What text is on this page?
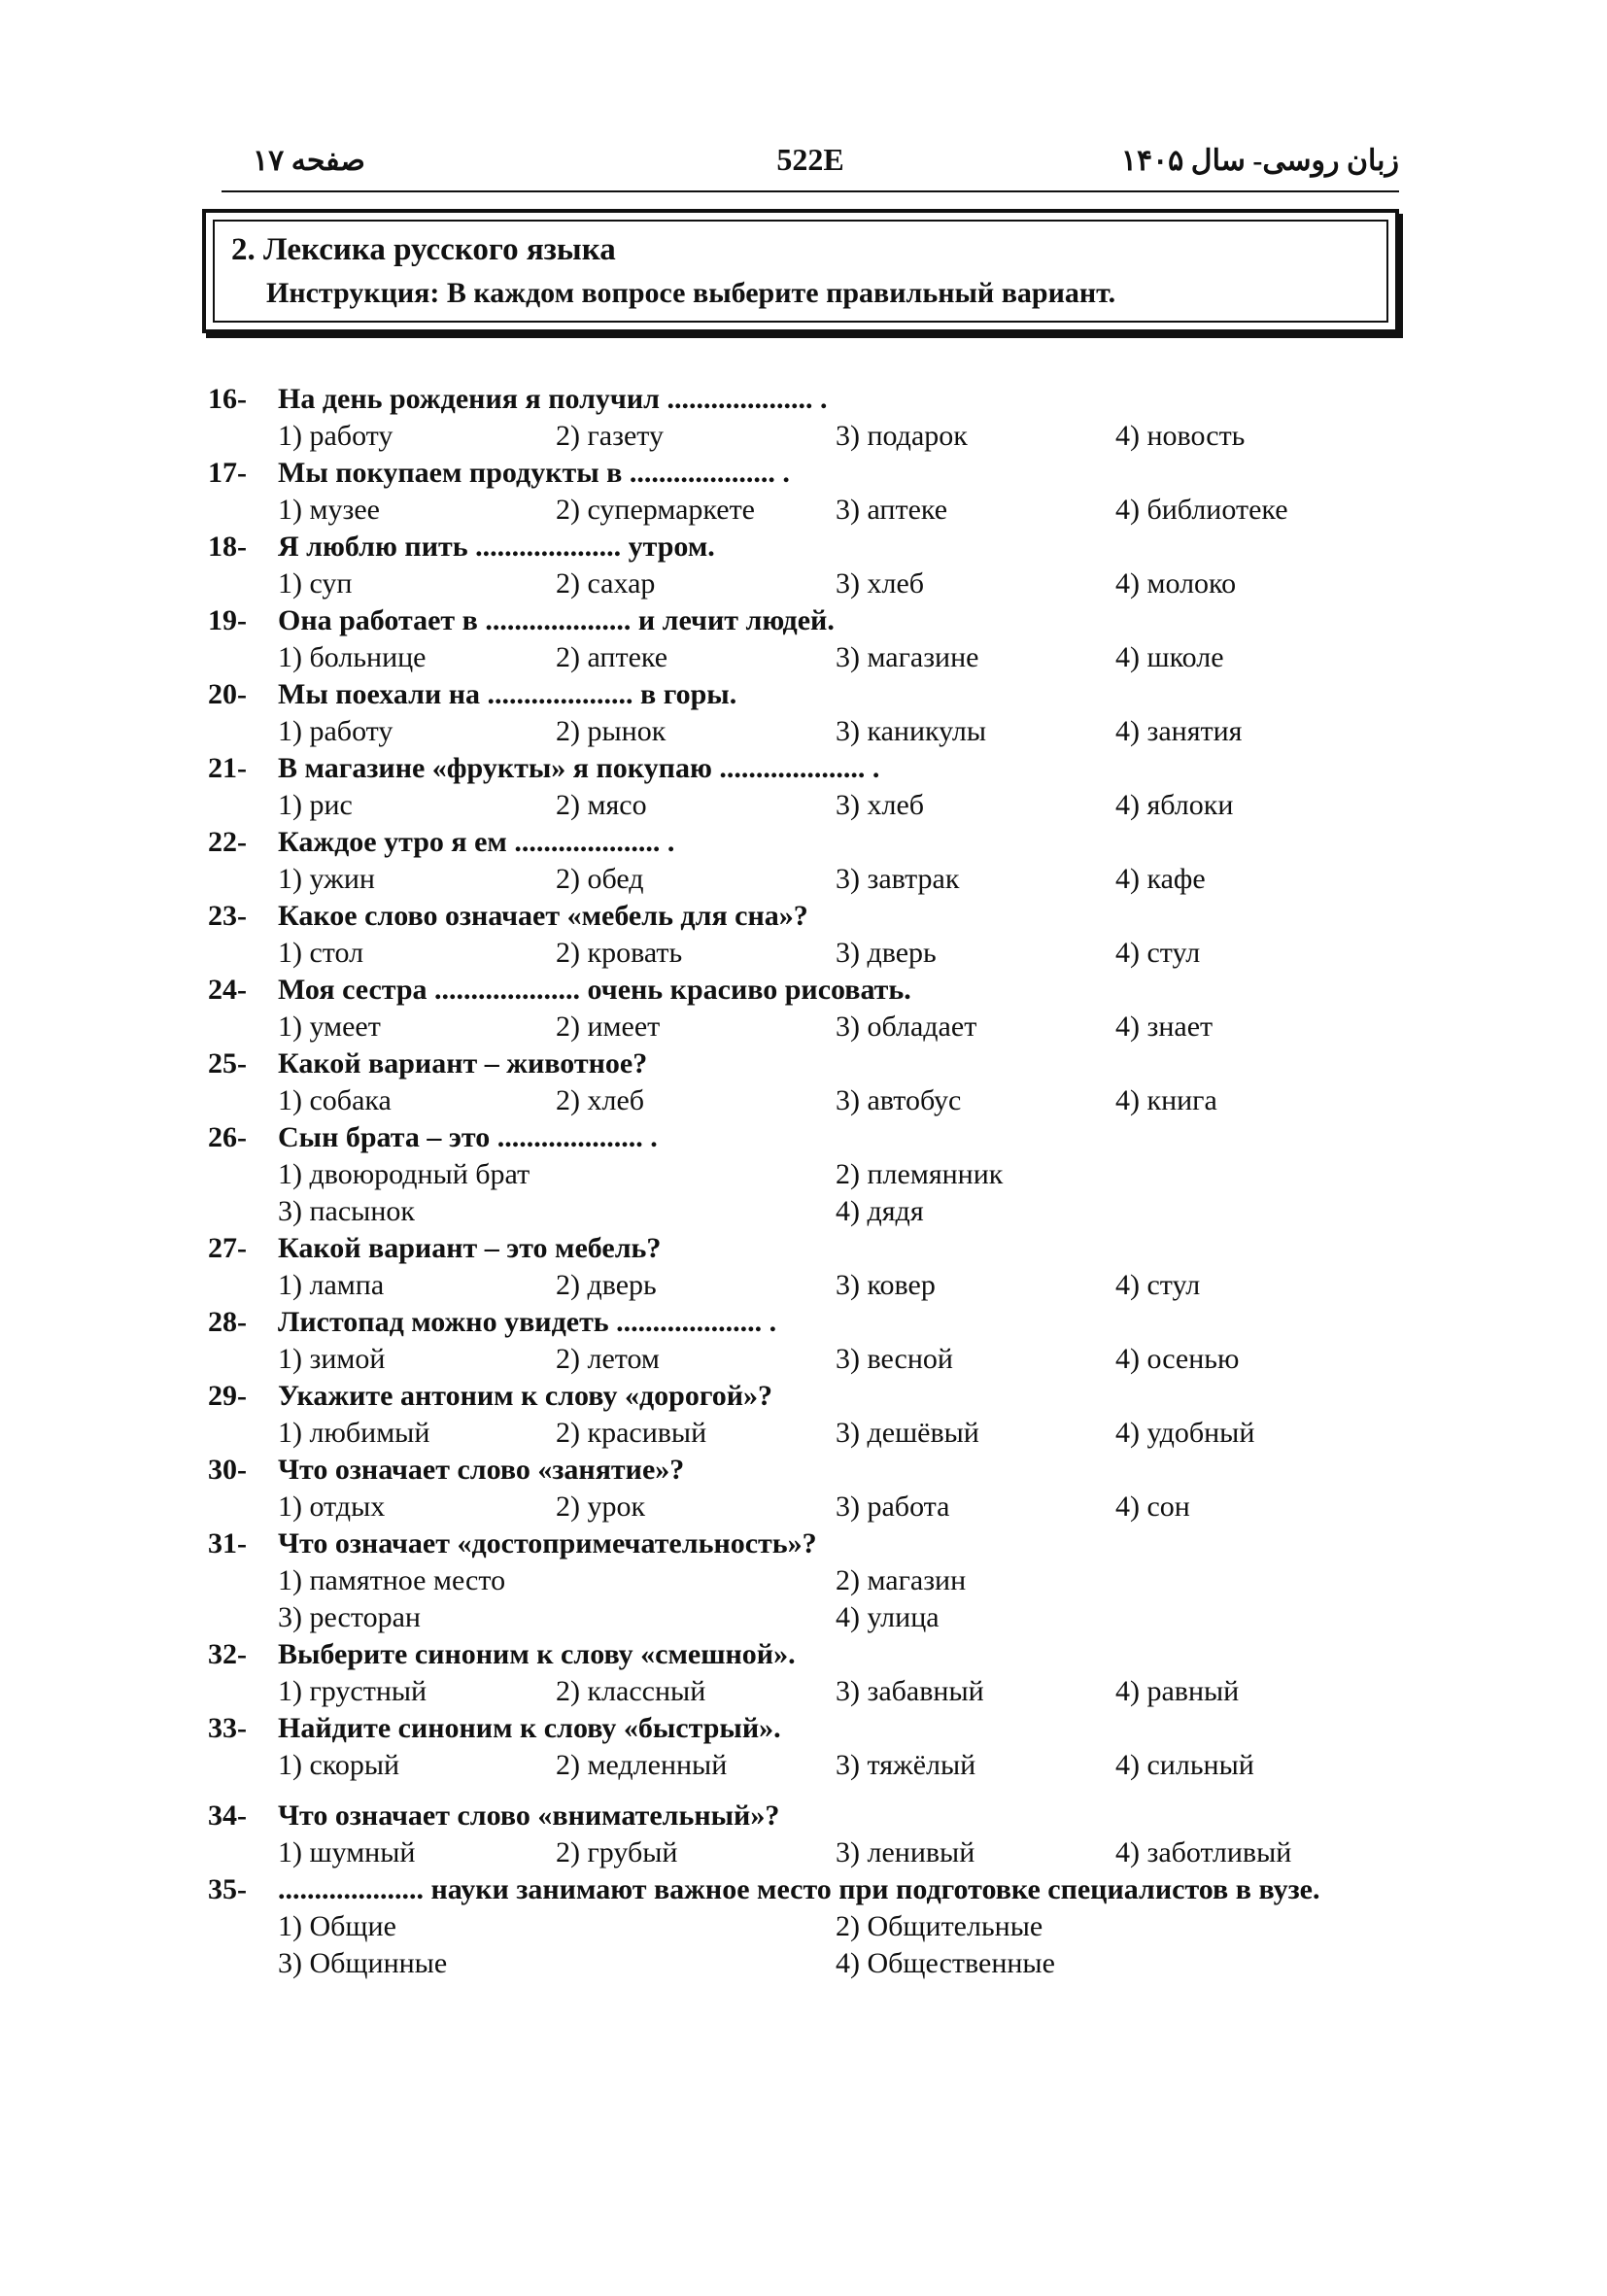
صفحه ۱۷	522E	زبان روسی- سال ۱۴۰۵
2. Лексика русского языка
Инструкция: В каждом вопросе выберите правильный вариант.
16- На день рождения я получил .................... .
1) работу	2) газету	3) подарок	4) новость
17- Мы покупаем продукты в .................... .
1) музее	2) супермаркете	3) аптеке	4) библиотеке
18- Я люблю пить .................... утром.
1) суп	2) сахар	3) хлеб	4) молоко
19- Она работает в .................... и лечит людей.
1) больнице	2) аптеке	3) магазине	4) школе
20- Мы поехали на .................... в горы.
1) работу	2) рынок	3) каникулы	4) занятия
21- В магазине «фрукты» я покупаю .................... .
1) рис	2) мясо	3) хлеб	4) яблоки
22- Каждое утро я ем .................... .
1) ужин	2) обед	3) завтрак	4) кафе
23- Какое слово означает «мебель для сна»?
1) стол	2) кровать	3) дверь	4) стул
24- Моя сестра .................... очень красиво рисовать.
1) умеет	2) имеет	3) обладает	4) знает
25- Какой вариант – животное?
1) собака	2) хлеб	3) автобус	4) книга
26- Сын брата – это .................... .
1) двоюродный брат	2) племянник
3) пасынок	4) дядя
27- Какой вариант – это мебель?
1) лампа	2) дверь	3) ковер	4) стул
28- Листопад можно увидеть .................... .
1) зимой	2) летом	3) весной	4) осенью
29- Укажите антоним к слову «дорогой»?
1) любимый	2) красивый	3) дешёвый	4) удобный
30- Что означает слово «занятие»?
1) отдых	2) урок	3) работа	4) сон
31- Что означает «достопримечательность»?
1) памятное место	2) магазин
3) ресторан	4) улица
32- Выберите синоним к слову «смешной».
1) грустный	2) классный	3) забавный	4) равный
33- Найдите синоним к слову «быстрый».
1) скорый	2) медленный	3) тяжёлый	4) сильный
34- Что означает слово «внимательный»?
1) шумный	2) грубый	3) ленивый	4) заботливый
35- .................... науки занимают важное место при подготовке специалистов в вузе.
1) Общие	2) Общительные
3) Общинные	4) Общественные
